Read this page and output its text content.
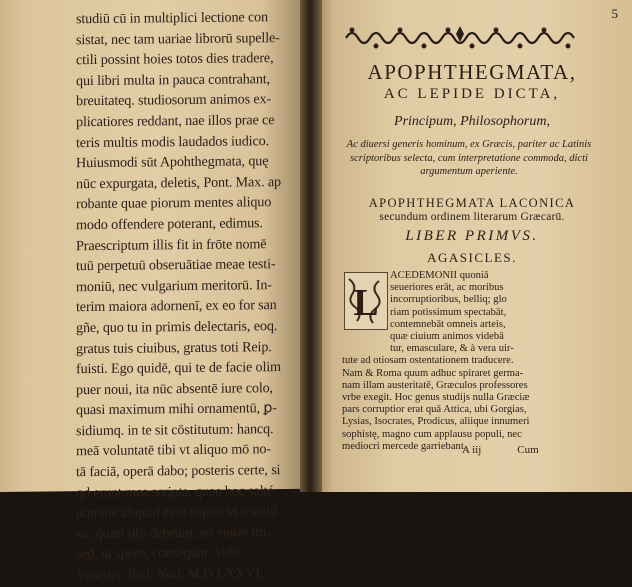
studiū cū in multiplici lectione con
sistat, nec tam uariae librorū supelle-
ctili possint hoies totos dies tradere,
qui libri multa in pauca contrahant,
breuitateq. studiosorum animos ex-
plicatiores reddant, nae illos prae ce
teris multis modis laudados iudico.
Huiusmodi sūt Apohthegmata, quę
nūc expurgata, deletis, Pont. Max. ap
robante quae piorum mentes aliquo
modo offendere poterant, edimus.
Praescriptum illis fit in frōte nomē
tuū perpetuū obseruātiae meae testi-
moniū, nec vulgarium meritorū. In-
terim maiora adornenī, ex eo for san
gñe, quo tu in primis delectaris, eoq.
gratus tuis ciuibus, gratus toti Reip.
fuisti. Ego quidē, qui te de facie olim
puer noui, ita nūc absentē iure colo,
quasi maximum mihi ornamentū, ꝑ-
sidiumq. in te sit cōstitutum: hancq.
meā voluntatē tibi vt aliquo mō no-
tā faciā, operā dabo; posteris certe, si
qd erunt mea scripta, quae hoc salté
nomine aliquid esse cupio, vt testatū
sit, q̄tum tibi debeam, nō enitar tm,
sed, ut spero, consequar. Vale.
Venetijs, Ibid. Nou. M D LXXVI.
5
APOPHTHEGMATA,
AC LEPIDE DICTA,
Principum, Philosophorum,
Ac diuersi generis hominum, ex Græcis, pariter ac Latinis scriptoribus selecta, cum interpretatione commoda, dicti argumentum aperiente.
APOPHTHEGMATA LACONICA
secundum ordinem literarum Græcarū.
LIBER PRIMVS.
AGASICLES.
L
ACEDEMONII quoniā
seueriores erāt, ac moribus
incorruptioribus, belliq; glo
riam potissimum spectabāt,
contemnebāt omneis arteis,
quæ ciuium animos videbā
tur, emasculare, & à vera uir-
tute ad otiosam ostentationem traducere.
Nam & Roma quum adhuc spiraret germa-
nam illam austeritatē, Græculos professores
vrbe exegit. Hoc genus studijs nulla Græciæ
pars corruptior erat quā Attica, ubi Gorgias,
Lysias, Isocrates, Prodicus, aliique innumeri
sophistę, magno cum applausu populi, nec
mediocri mercede garriebant.
A iij	Cum
